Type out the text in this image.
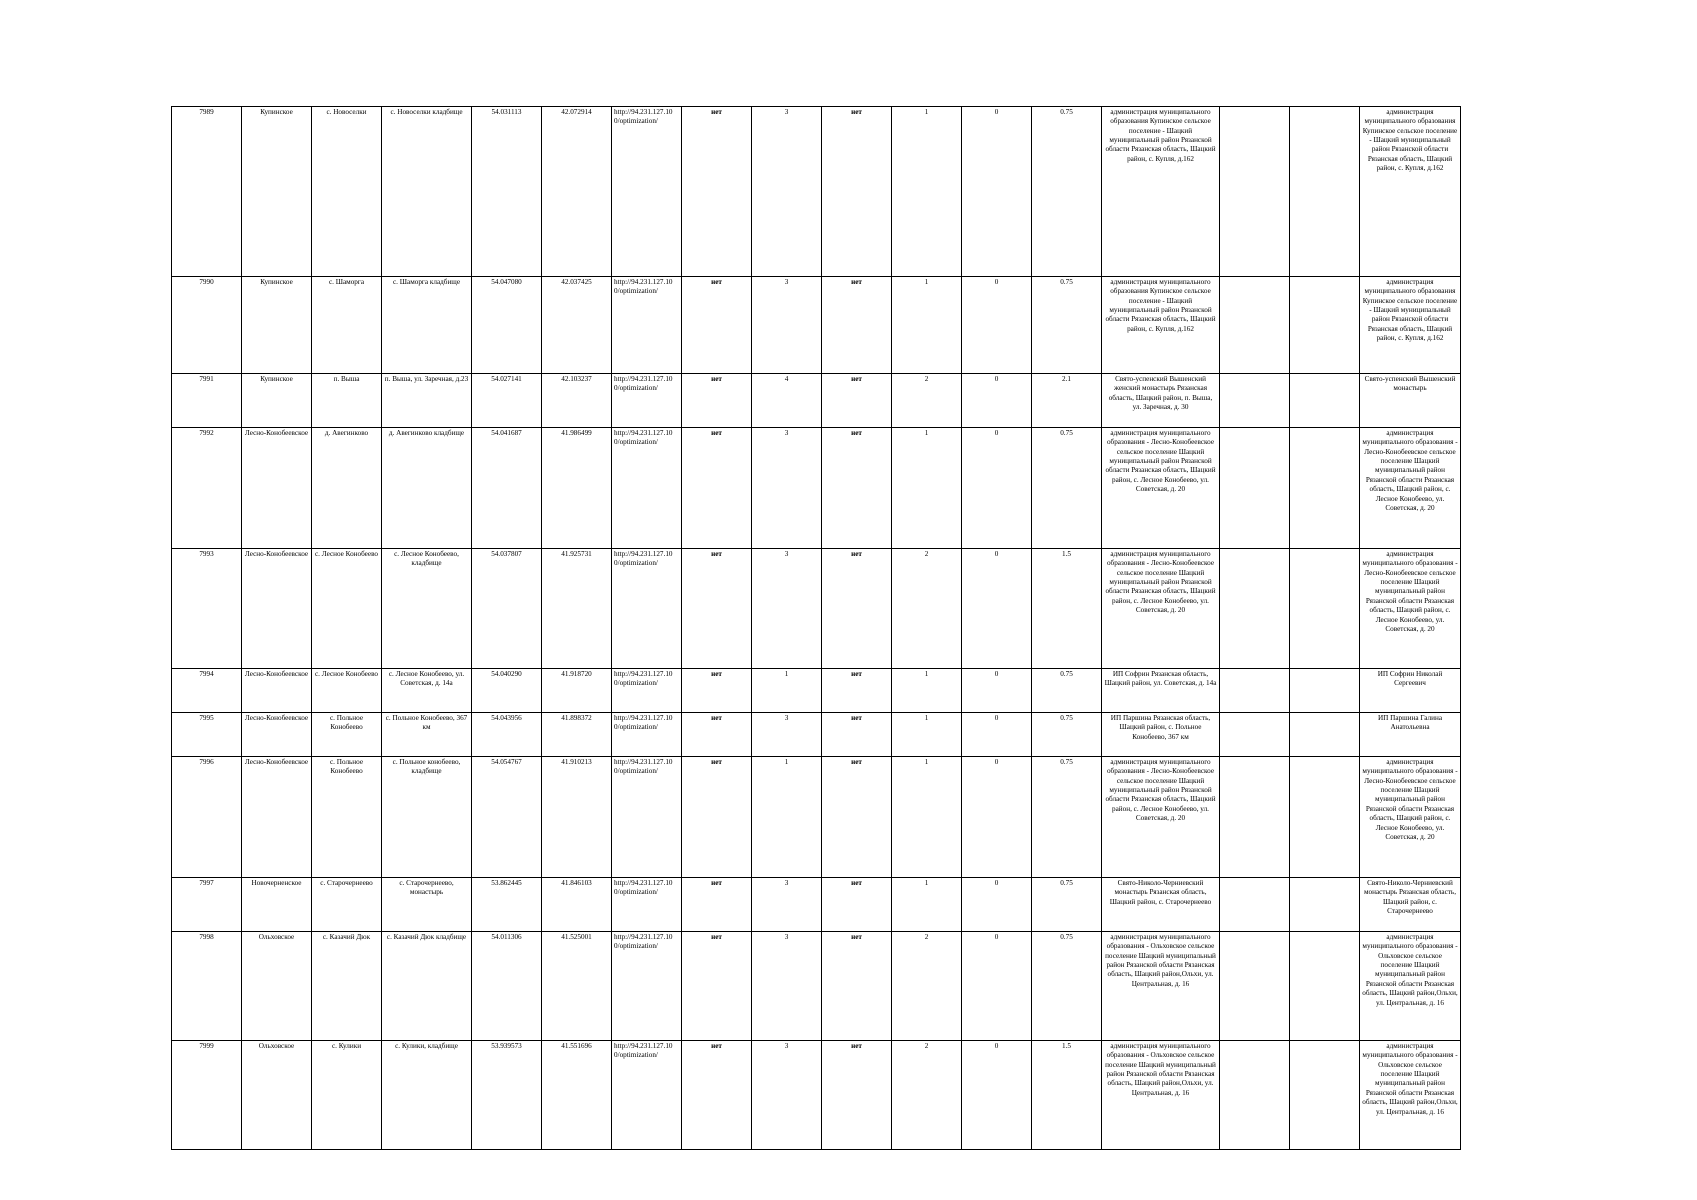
7989	Купинское	с. Новоселки	с. Новоселки кладбище	54.031113	42.072914	http://94.231.127.10 0/optimization/	нет	3	нет	1	0	0.75	администрация муниципального образования Купинское сельское поселение - Шацкий муниципальный район Рязанской области Рязанская область, Шацкий район, с. Купля, д.162			администрация муниципального образования Купинское сельское поселение - Шацкий муниципальный район Рязанской области Рязанская область, Шацкий район, с. Купля, д.162
7990	Купинское	с. Шаморга	с. Шаморга кладбище	54.047080	42.037425	http://94.231.127.10 0/optimization/	нет	3	нет	1	0	0.75	администрация муниципального образования Купинское сельское поселение - Шацкий муниципальный район Рязанской области Рязанская область, Шацкий район, с. Купля, д.162			администрация муниципального образования Купинское сельское поселение - Шацкий муниципальный район Рязанской области Рязанская область, Шацкий район, с. Купля, д.162
7991	Купинское	п. Выша	п. Выша, ул. Заречная, д.23	54.027141	42.103237	http://94.231.127.10 0/optimization/	нет	4	нет	2	0	2.1	Свято-успенский Вышенский женский монастырь Рязанская область, Шацкий район, п. Выша, ул. Заречная, д. 30			Свято-успенский Вышенский монастырь
7992	Лесно-Конобеевское	д. Авегинково	д. Авегинково кладбище	54.041687	41.986499	http://94.231.127.10 0/optimization/	нет	3	нет	1	0	0.75	администрация муниципального образования - Лесно-Конобеевское сельское поселение Шацкий муниципальный район Рязанской области Рязанская область, Шацкий район, с. Лесное Конобеево, ул. Советская, д. 20			администрация муниципального образования - Лесно-Конобеевское сельское поселение Шацкий муниципальный район Рязанской области Рязанская область, Шацкий район, с. Лесное Конобеево, ул. Советская, д. 20
7993	Лесно-Конобеевское	с. Лесное Конобеево	с. Лесное Конобеево, кладбище	54.037807	41.925731	http://94.231.127.10 0/optimization/	нет	3	нет	2	0	1.5	администрация муниципального образования - Лесно-Конобеевское сельское поселение Шацкий муниципальный район Рязанской области Рязанская область, Шацкий район, с. Лесное Конобеево, ул. Советская, д. 20			администрация муниципального образования - Лесно-Конобеевское сельское поселение Шацкий муниципальный район Рязанской области Рязанская область, Шацкий район, с. Лесное Конобеево, ул. Советская, д. 20
7994	Лесно-Конобеевское	с. Лесное Конобеево	с. Лесное Конобеево, ул. Советская, д. 14а	54.040290	41.918720	http://94.231.127.10 0/optimization/	нет	1	нет	1	0	0.75	ИП Софрин Рязанская область, Шацкий район, ул. Советская, д. 14а			ИП Софрин Николай Сергеевич
7995	Лесно-Конобеевское	с. Польное Конобеево	с. Польное Конобеево, 367 км	54.043956	41.898372	http://94.231.127.10 0/optimization/	нет	3	нет	1	0	0.75	ИП Паршина Рязанская область, Шацкий район, с. Польное Конобеево, 367 км			ИП Паршина Галина Анатольевна
7996	Лесно-Конобеевское	с. Польное Конобеево	с. Польное конобеево, кладбище	54.054767	41.910213	http://94.231.127.10 0/optimization/	нет	1	нет	1	0	0.75	администрация муниципального образования - Лесно-Конобеевское сельское поселение Шацкий муниципальный район Рязанской области Рязанская область, Шацкий район, с. Лесное Конобеево, ул. Советская, д. 20			администрация муниципального образования - Лесно-Конобеевское сельское поселение Шацкий муниципальный район Рязанской области Рязанская область, Шацкий район, с. Лесное Конобеево, ул. Советская, д. 20
7997	Новочерненское	с. Старочернеево	с. Старочернеево, монастырь	53.862445	41.846103	http://94.231.127.10 0/optimization/	нет	3	нет	1	0	0.75	Свято-Николо-Черниевский монастырь Рязанская область, Шацкий район, с. Старочернеево			Свято-Николо-Черниевский монастырь Рязанская область, Шацкий район, с. Старочернеево
7998	Ольховское	с. Казачий Дюк	с. Казачий Дюк кладбище	54.011306	41.525001	http://94.231.127.10 0/optimization/	нет	3	нет	2	0	0.75	администрация муниципального образования - Ольховское сельское поселение Шацкий муниципальный район Рязанской области Рязанская область, Шацкий район,Ольхи, ул. Центральная, д. 16			администрация муниципального образования - Ольховское сельское поселение Шацкий муниципальный район Рязанской области Рязанская область, Шацкий район,Ольхи, ул. Центральная, д. 16
7999	Ольховское	с. Кулики	с. Кулики, кладбище	53.939573	41.551696	http://94.231.127.10 0/optimization/	нет	3	нет	2	0	1.5	администрация муниципального образования - Ольховское сельское поселение Шацкий муниципальный район Рязанской области Рязанская область, Шацкий район,Ольхи, ул. Центральная, д. 16			администрация муниципального образования - Ольховское сельское поселение Шацкий муниципальный район Рязанской области Рязанская область, Шацкий район,Ольхи, ул. Центральная, д. 16
